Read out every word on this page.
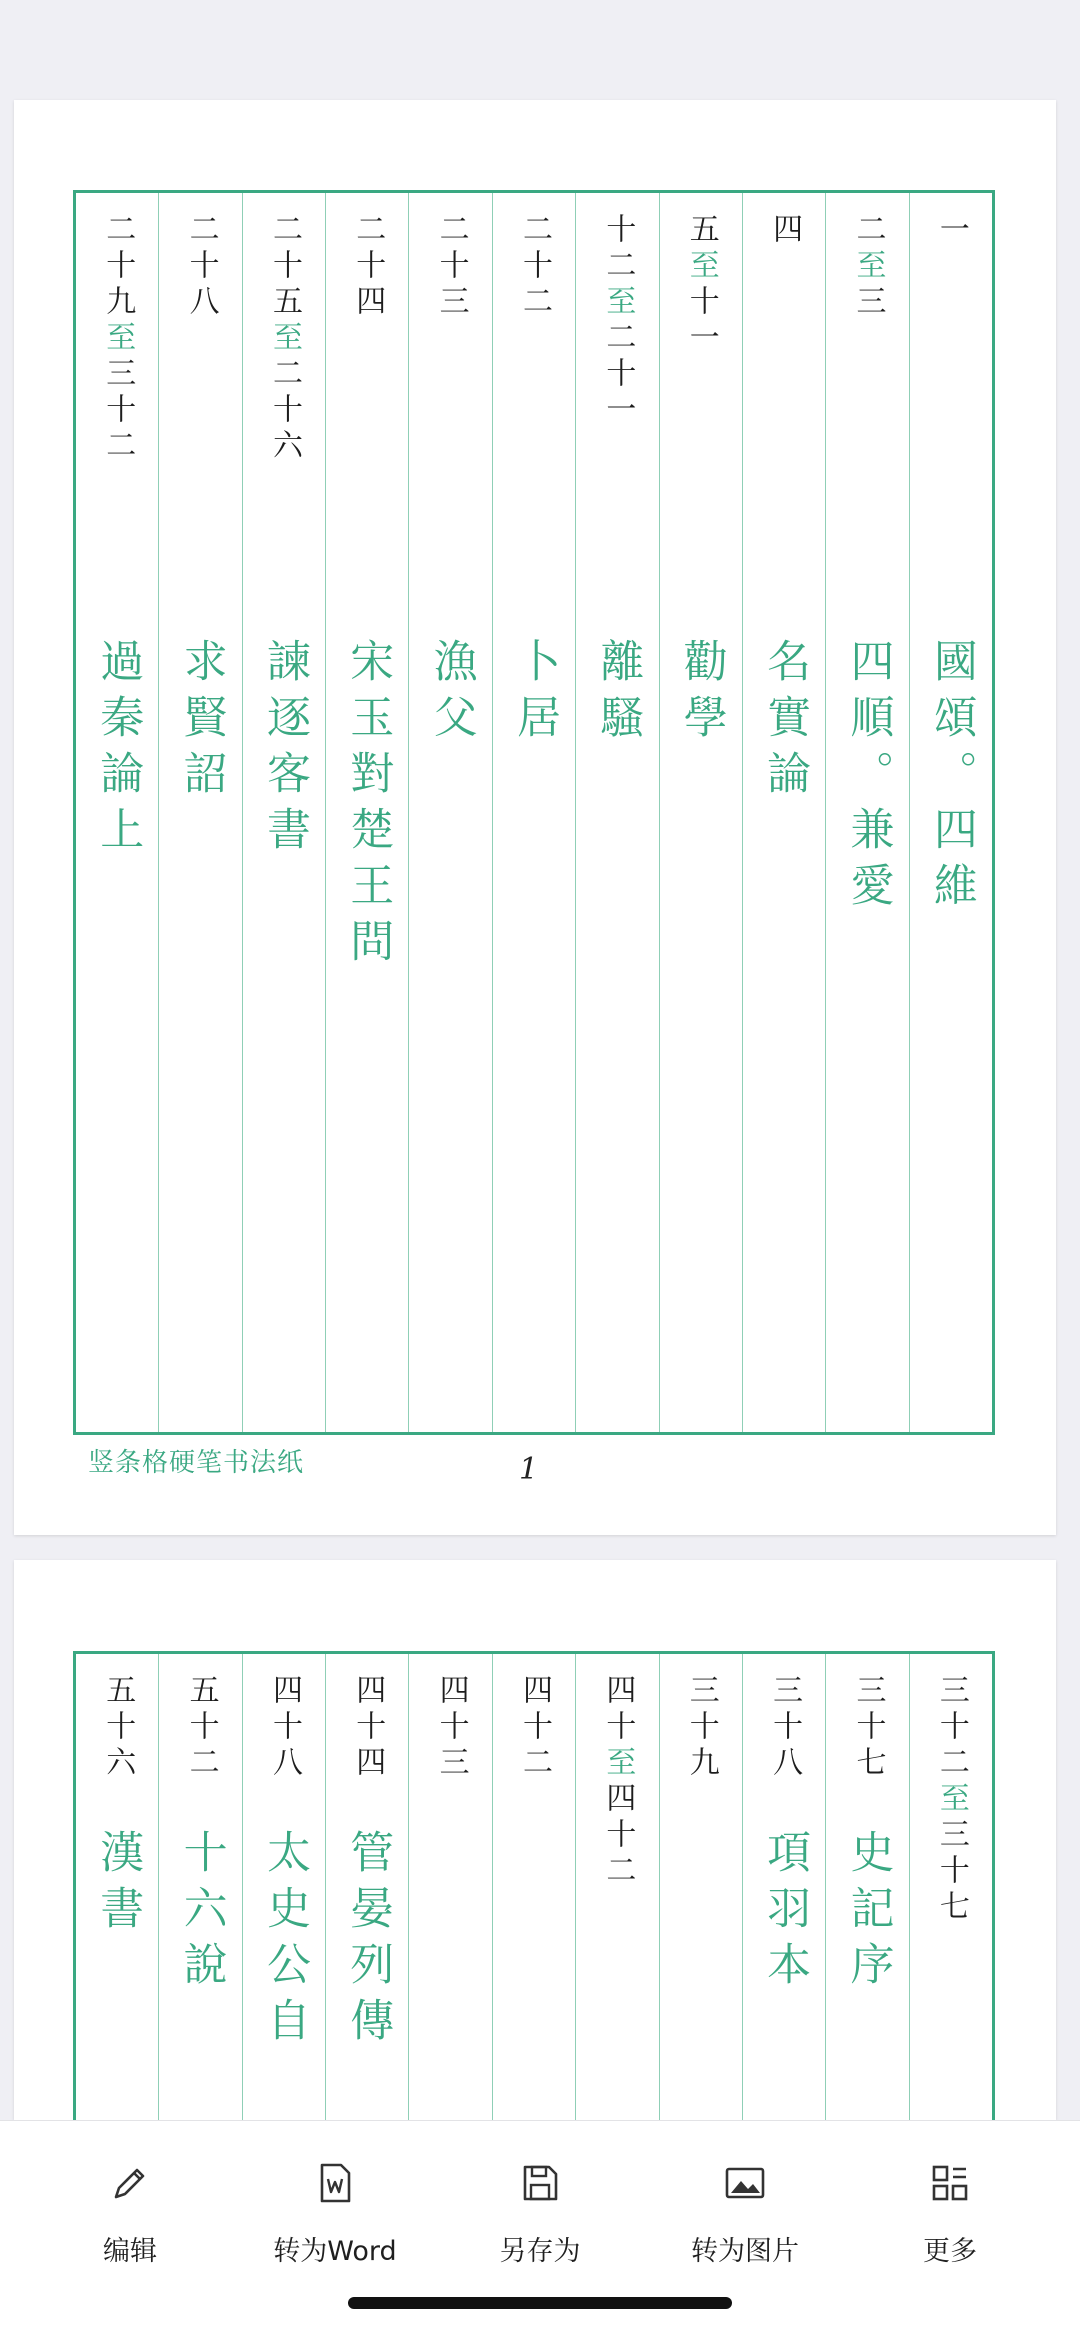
一
國頌。四維
二至三
四順。兼愛
四
名實論
五至十一
勸學
十二至二十一
離騷
二十二
卜居
二十三
漁父
二十四
宋玉對楚王問
二十五至二十六
諫逐客書
二十八
求賢詔
二十九至三十二
過秦論上
竖条格硬笔书法纸	1
三十二至三十七
三十七
史記序
三十八
項羽本
三十九
四十至四十二
四十二
四十三
四十四
管晏列傳
四十八
太史公自
五十二
十六說
五十六
漢書
编辑	转为Word	另存为	转为图片	更多
